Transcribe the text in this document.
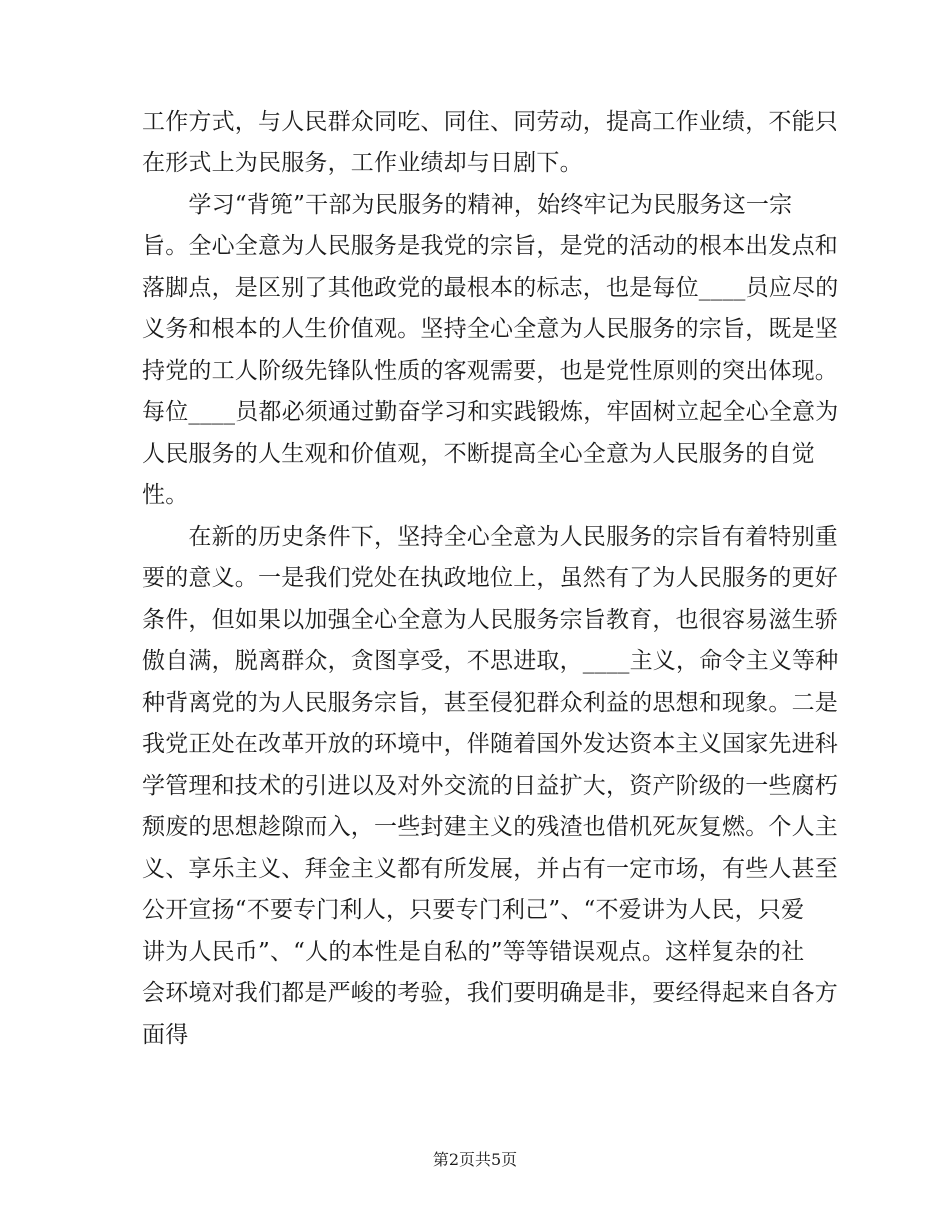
工作方式，与人民群众同吃、同住、同劳动，提高工作业绩，不能只
在形式上为民服务，工作业绩却与日剧下。
　　学习“背篼”干部为民服务的精神，始终牢记为民服务这一宗
旨。全心全意为人民服务是我党的宗旨，是党的活动的根本出发点和
落脚点，是区别了其他政党的最根本的标志，也是每位____员应尽的
义务和根本的人生价值观。坚持全心全意为人民服务的宗旨，既是坚
持党的工人阶级先锋队性质的客观需要，也是党性原则的突出体现。
每位____员都必须通过勤奋学习和实践锻炼，牢固树立起全心全意为
人民服务的人生观和价值观，不断提高全心全意为人民服务的自觉
性。
　　在新的历史条件下，坚持全心全意为人民服务的宗旨有着特别重
要的意义。一是我们党处在执政地位上，虽然有了为人民服务的更好
条件，但如果以加强全心全意为人民服务宗旨教育，也很容易滋生骄
傲自满，脱离群众，贪图享受，不思进取，____主义，命令主义等种
种背离党的为人民服务宗旨，甚至侵犯群众利益的思想和现象。二是
我党正处在改革开放的环境中，伴随着国外发达资本主义国家先进科
学管理和技术的引进以及对外交流的日益扩大，资产阶级的一些腐朽
颓废的思想趁隙而入，一些封建主义的残渣也借机死灰复燃。个人主
义、享乐主义、拜金主义都有所发展，并占有一定市场，有些人甚至
公开宣扬“不要专门利人，只要专门利己”、“不爱讲为人民，只爱
讲为人民币”、“人的本性是自私的”等等错误观点。这样复杂的社
会环境对我们都是严峻的考验，我们要明确是非，要经得起来自各方
面得
第2页共5页
